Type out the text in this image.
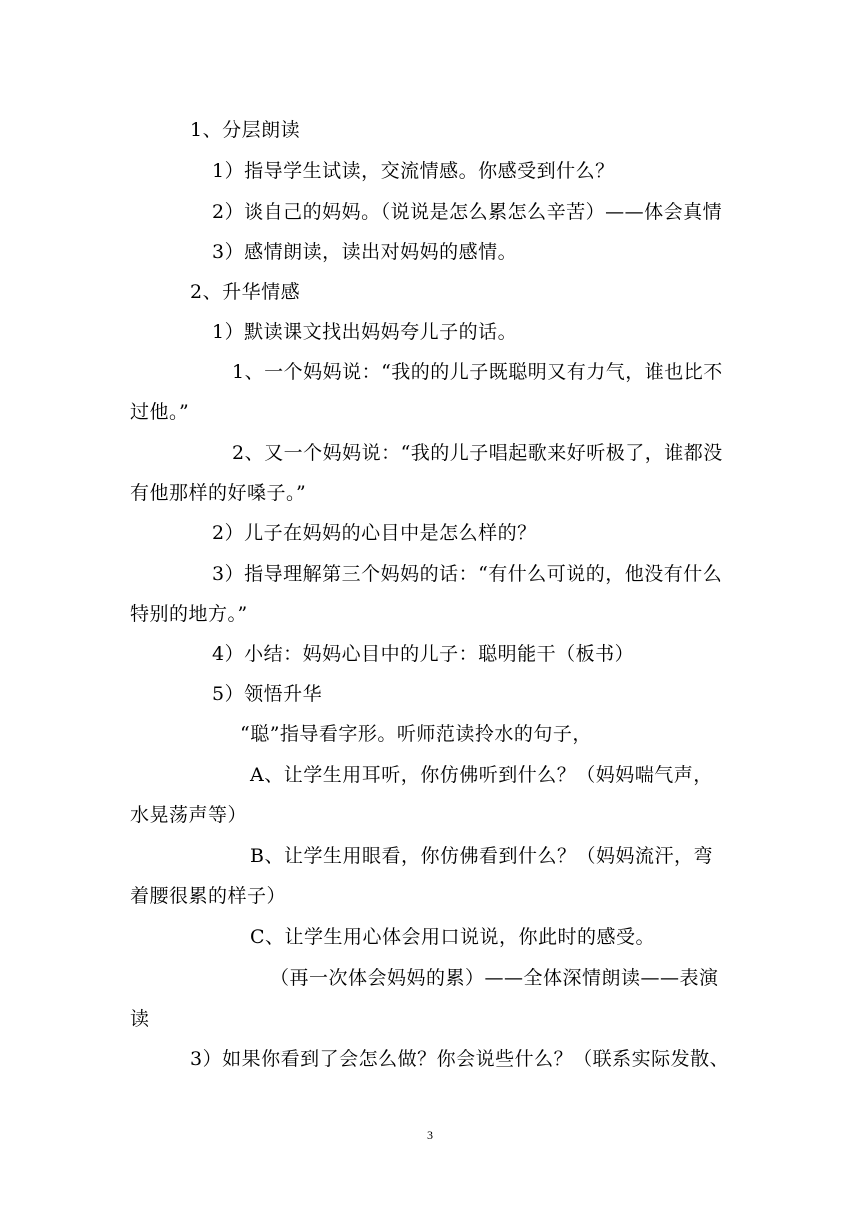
1、分层朗读
1）指导学生试读，交流情感。你感受到什么？
2）谈自己的妈妈。（说说是怎么累怎么辛苦）——体会真情
3）感情朗读，读出对妈妈的感情。
2、升华情感
1）默读课文找出妈妈夸儿子的话。
1、一个妈妈说：“我的的儿子既聪明又有力气，谁也比不
过他。”
2、又一个妈妈说：“我的儿子唱起歌来好听极了，谁都没
有他那样的好嗓子。”
2）儿子在妈妈的心目中是怎么样的？
3）指导理解第三个妈妈的话：“有什么可说的，他没有什么
特别的地方。”
4）小结：妈妈心目中的儿子：聪明能干（板书）
5）领悟升华
“聪”指导看字形。听师范读拎水的句子，
A、让学生用耳听，你仿佛听到什么？（妈妈喘气声，
水晃荡声等）
B、让学生用眼看，你仿佛看到什么？（妈妈流汗，弯
着腰很累的样子）
C、让学生用心体会用口说说，你此时的感受。
（再一次体会妈妈的累）——全体深情朗读——表演
读
3）如果你看到了会怎么做？你会说些什么？（联系实际发散、
3
